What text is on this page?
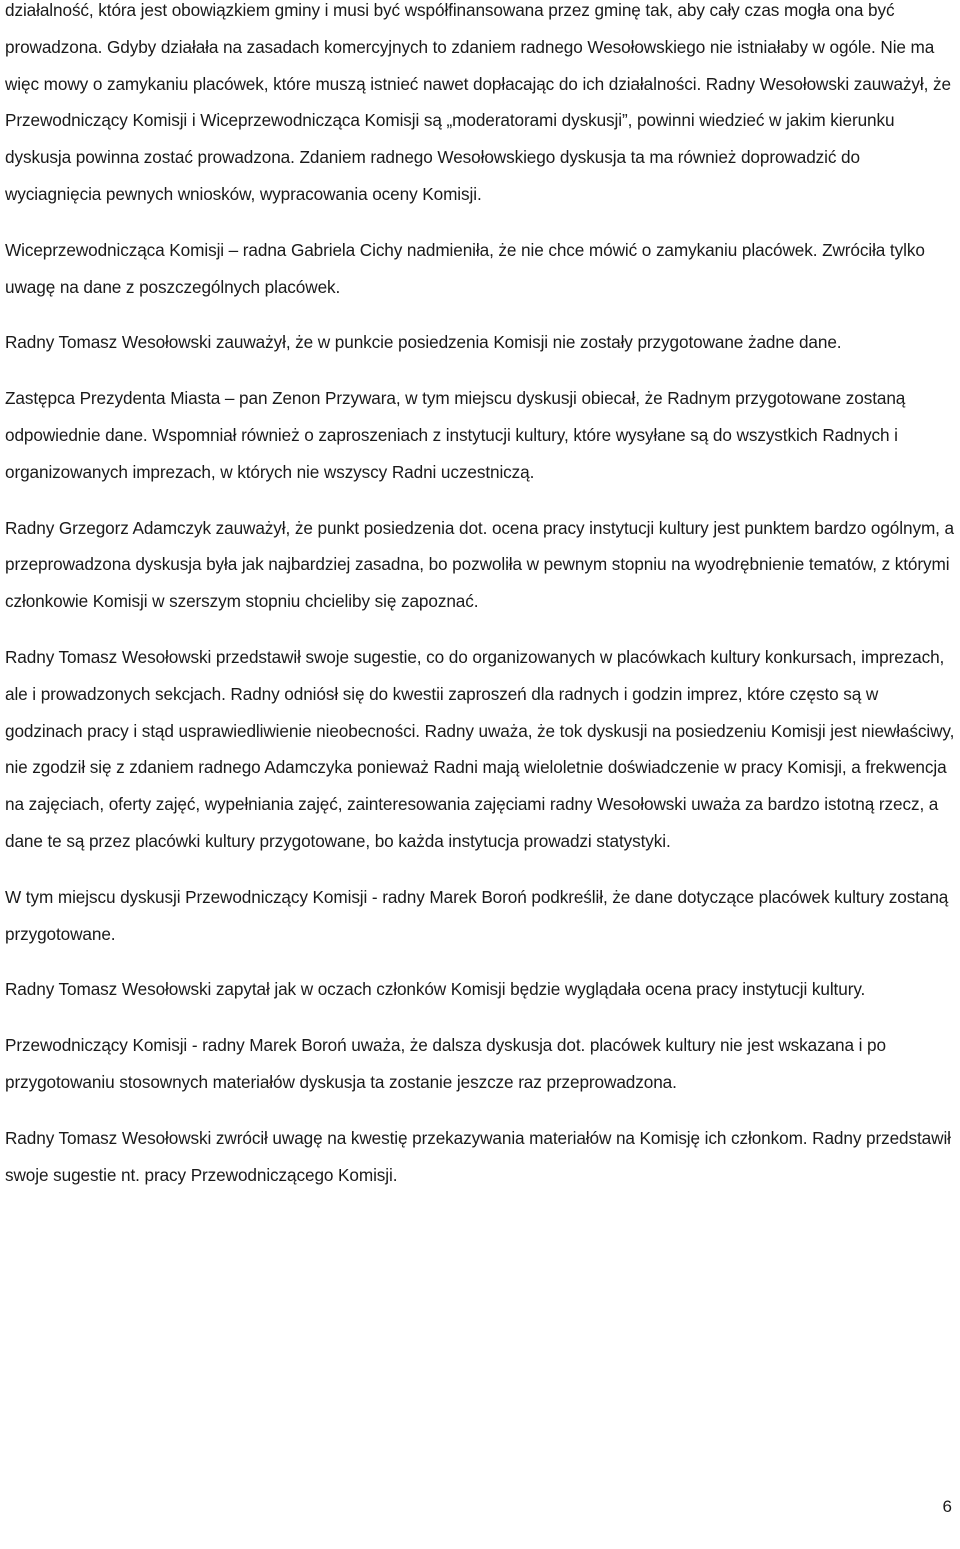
działalność, która jest obowiązkiem gminy i musi być współfinansowana przez gminę tak, aby cały czas mogła ona być prowadzona. Gdyby działała na zasadach komercyjnych to zdaniem radnego Wesołowskiego nie istniałaby w ogóle. Nie ma więc mowy o zamykaniu placówek, które muszą istnieć nawet dopłacając do ich działalności. Radny Wesołowski zauważył, że Przewodniczący Komisji i Wiceprzewodnicząca Komisji są „moderatorami dyskusji”, powinni wiedzieć w jakim kierunku dyskusja powinna zostać prowadzona. Zdaniem radnego Wesołowskiego dyskusja ta ma również doprowadzić do wyciagnięcia pewnych wniosków, wypracowania oceny Komisji.

Wiceprzewodnicząca Komisji – radna Gabriela Cichy nadmieniła, że nie chce mówić o zamykaniu placówek. Zwróciła tylko uwagę na dane z poszczególnych placówek.

Radny Tomasz Wesołowski zauważył, że w punkcie posiedzenia Komisji nie zostały przygotowane żadne dane.

Zastępca Prezydenta Miasta – pan Zenon Przywara, w tym miejscu dyskusji obiecał, że Radnym przygotowane zostaną odpowiednie dane. Wspomniał również o zaproszeniach z instytucji kultury, które wysyłane są do wszystkich Radnych i organizowanych imprezach, w których nie wszyscy Radni uczestniczą.

Radny Grzegorz Adamczyk zauważył, że punkt posiedzenia dot. ocena pracy instytucji kultury jest punktem bardzo ogólnym, a przeprowadzona dyskusja była jak najbardziej zasadna, bo pozwoliła w pewnym stopniu na wyodrębnienie tematów, z którymi członkowie Komisji w szerszym stopniu chcieliby się zapoznać.

Radny Tomasz Wesołowski przedstawił swoje sugestie, co do organizowanych w placówkach kultury konkursach, imprezach, ale i prowadzonych sekcjach. Radny odniósł się do kwestii zaproszeń dla radnych i godzin imprez, które często są w godzinach pracy i stąd usprawiedliwienie nieobecności. Radny uważa, że tok dyskusji na posiedzeniu Komisji jest niewłaściwy, nie zgodził się z zdaniem radnego Adamczyka ponieważ Radni mają wieloletnie doświadczenie w pracy Komisji, a frekwencja na zajęciach, oferty zajęć, wypełniania zajęć, zainteresowania zajęciami radny Wesołowski uważa za bardzo istotną rzecz, a dane te są przez placówki kultury przygotowane, bo każda instytucja prowadzi statystyki.

W tym miejscu dyskusji Przewodniczący Komisji - radny Marek Boroń podkreślił, że dane dotyczące placówek kultury zostaną przygotowane.

Radny Tomasz Wesołowski zapytał jak w oczach członków Komisji będzie wyglądała ocena pracy instytucji kultury.

Przewodniczący Komisji - radny Marek Boroń uważa, że dalsza dyskusja dot. placówek kultury nie jest wskazana i po przygotowaniu stosownych materiałów dyskusja ta zostanie jeszcze raz przeprowadzona.

Radny Tomasz Wesołowski zwrócił uwagę na kwestię przekazywania materiałów na Komisję ich członkom. Radny przedstawił swoje sugestie nt. pracy Przewodniczącego Komisji.

6
